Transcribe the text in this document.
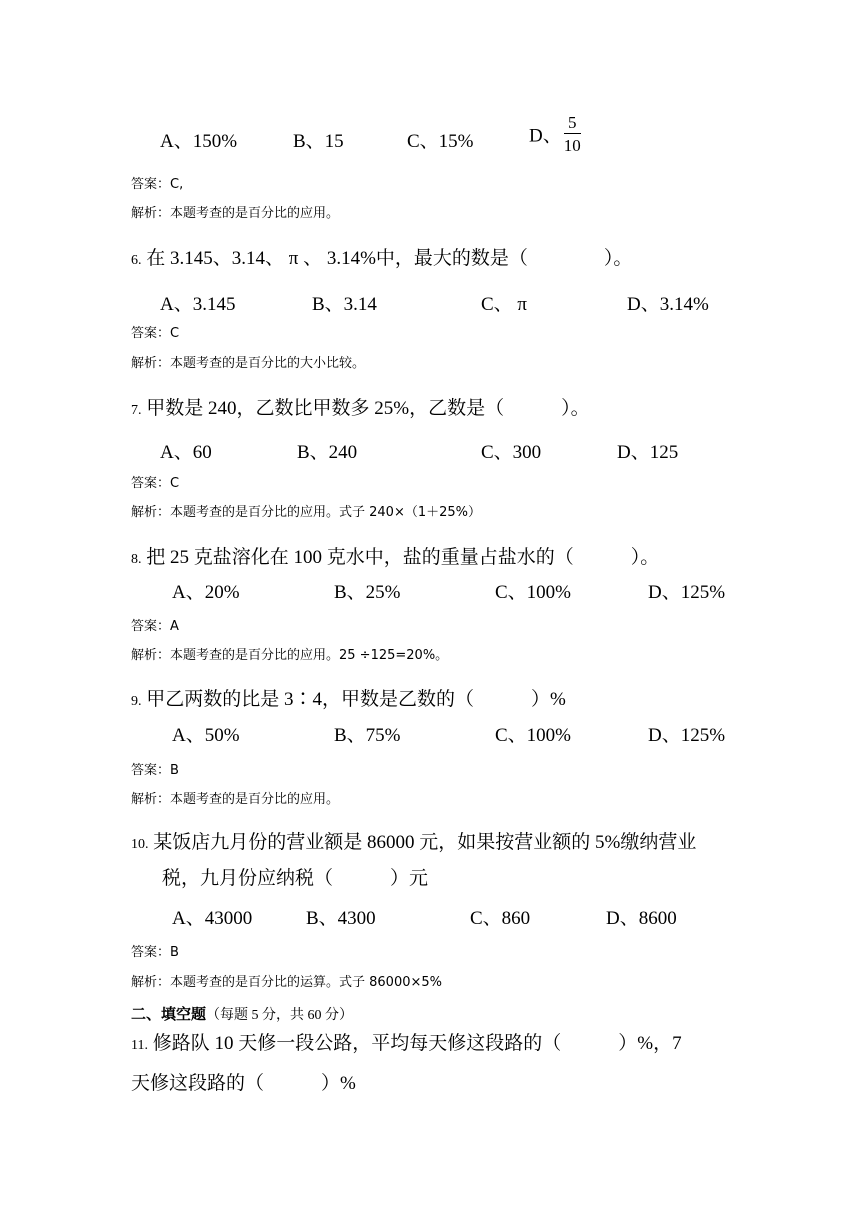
A、150%	B、15	C、15%	D、 $\frac{5}{10}$
答案：C,
解析：本题考查的是百分比的应用。
6. 在 3.145、3.14、 π 、 3.14%中，最大的数是（　　　　）。
A、3.145	B、3.14	C、 π	D、3.14%
答案：C
解析：本题考查的是百分比的大小比较。
7. 甲数是 240，乙数比甲数多 25%，乙数是（　　　）。
A、60	B、240	C、300	D、125
答案：C
解析：本题考查的是百分比的应用。式子 240×（1＋25%）
8. 把 25 克盐溶化在 100 克水中，盐的重量占盐水的（　　　）。
A、20%	B、25%	C、100%	D、125%
答案：A
解析：本题考查的是百分比的应用。25 ÷125=20%。
9. 甲乙两数的比是 3∶4，甲数是乙数的（　　　）%
A、50%	B、75%	C、100%	D、125%
答案：B
解析：本题考查的是百分比的应用。
10. 某饭店九月份的营业额是 86000 元，如果按营业额的 5%缴纳营业
税，九月份应纳税（　　　）元
A、43000	B、4300	C、860	D、8600
答案：B
解析：本题考查的是百分比的运算。式子 86000×5%
二、填空题（每题 5 分，共 60 分）
11. 修路队 10 天修一段公路，平均每天修这段路的（　　　）%，7
天修这段路的（　　　）%
